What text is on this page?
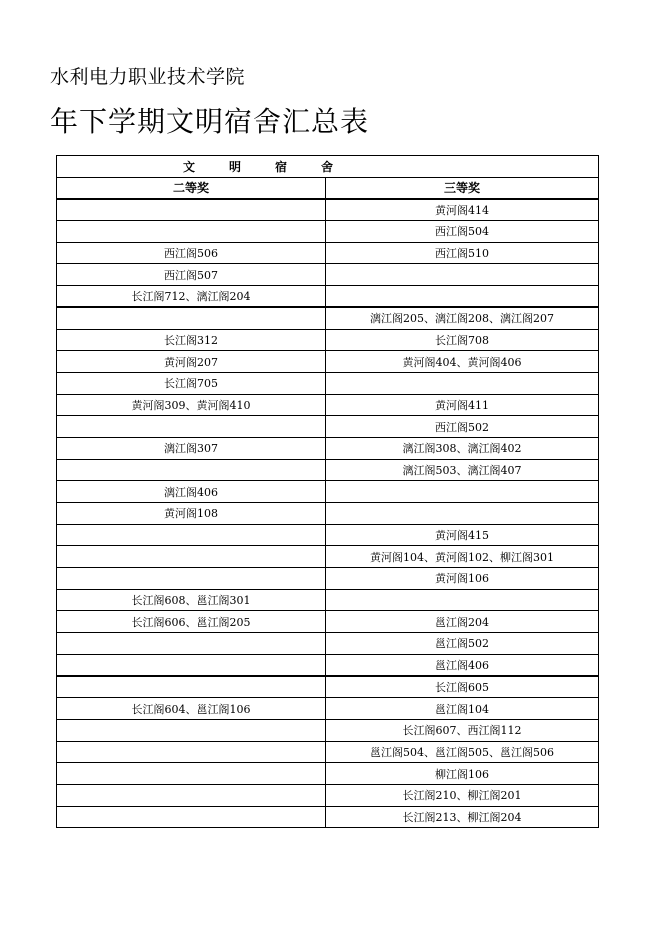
水利电力职业技术学院
年下学期文明宿舍汇总表
文明宿舍	
二等奖	三等奖
	黄河阁414
	西江阁504
西江阁506	西江阁510
西江阁507	
长江阁712、漓江阁204	
	漓江阁205、漓江阁208、漓江阁207
长江阁312	长江阁708
黄河阁207	黄河阁404、黄河阁406
长江阁705	
黄河阁309、黄河阁410	黄河阁411
	西江阁502
漓江阁307	漓江阁308、漓江阁402
	漓江阁503、漓江阁407
漓江阁406	
黄河阁108	
	黄河阁415
	黄河阁104、黄河阁102、柳江阁301
	黄河阁106
长江阁608、邕江阁301	
长江阁606、邕江阁205	邕江阁204
	邕江阁502
	邕江阁406
	长江阁605
长江阁604、邕江阁106	邕江阁104
	长江阁607、西江阁112
	邕江阁504、邕江阁505、邕江阁506
	柳江阁106
	长江阁210、柳江阁201
	长江阁213、柳江阁204
